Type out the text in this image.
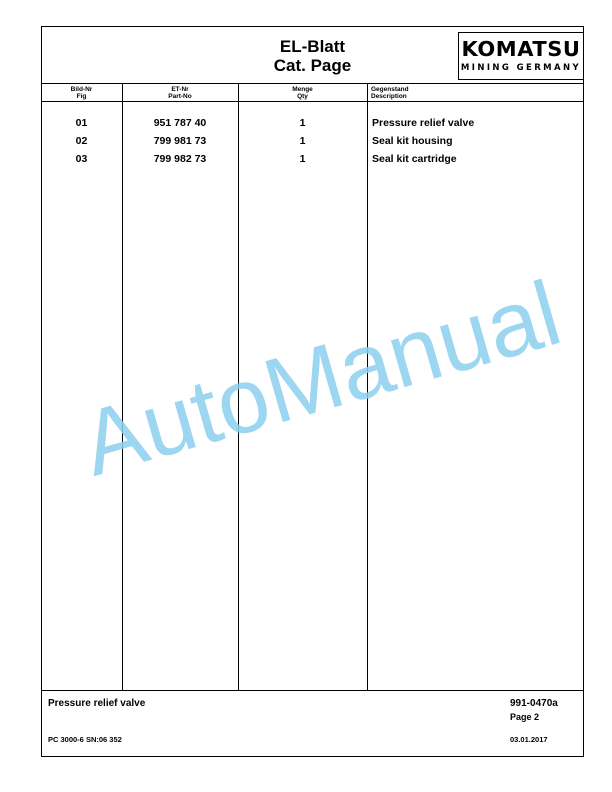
EL-Blatt
Cat. Page
KOMATSU
MINING GERMANY
Bild-Nr
Fig
ET-Nr
Part-No
Menge
Qty
Gegenstand
Description
01	951 787 40	1	Pressure relief valve
02	799 981 73	1	Seal kit housing
03	799 982 73	1	Seal kit cartridge
Pressure relief valve	991-0470a
Page 2
PC 3000-6 SN:06 352	03.01.2017
AutoManual
